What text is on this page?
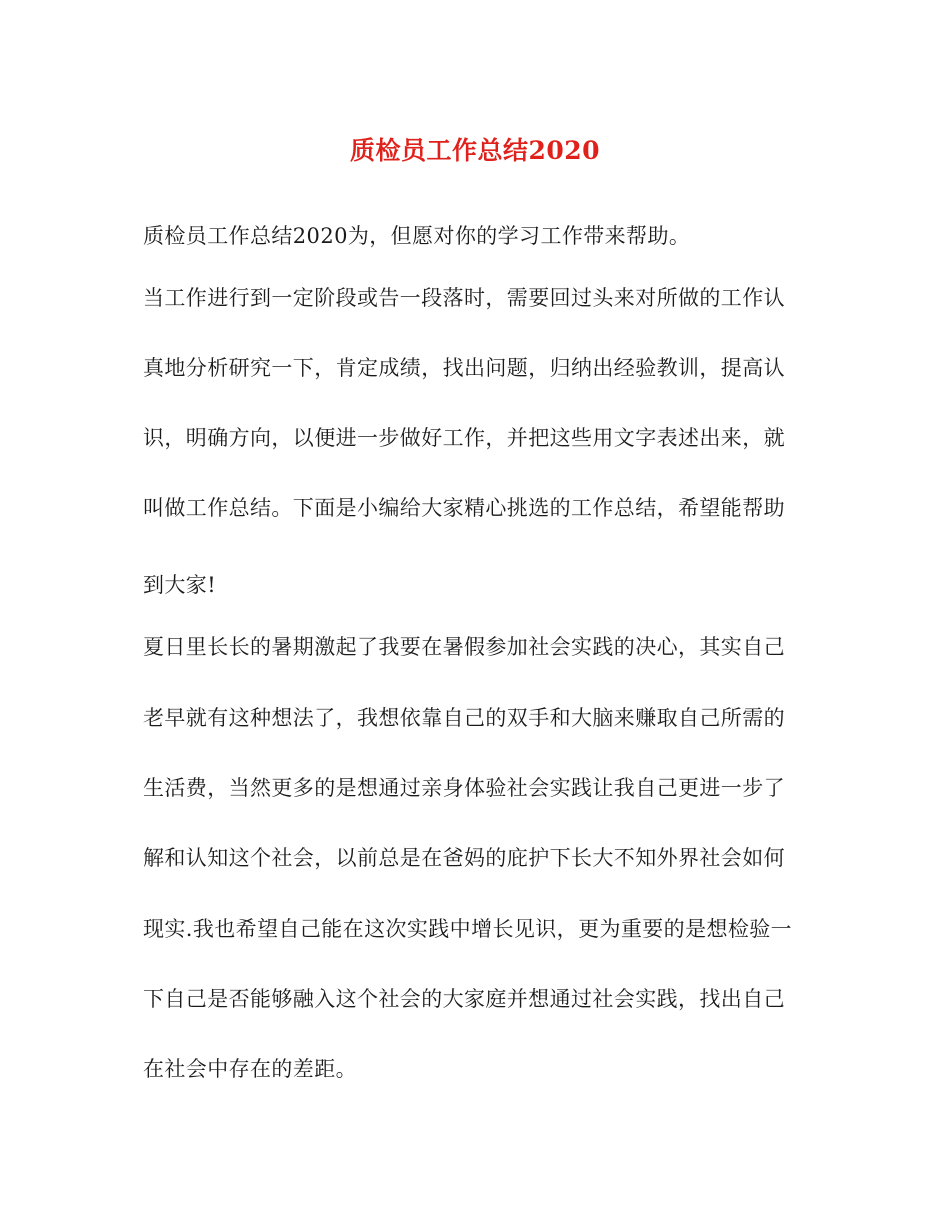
质检员工作总结2020
质检员工作总结2020为，但愿对你的学习工作带来帮助。
当工作进行到一定阶段或告一段落时，需要回过头来对所做的工作认
真地分析研究一下，肯定成绩，找出问题，归纳出经验教训，提高认
识，明确方向，以便进一步做好工作，并把这些用文字表述出来，就
叫做工作总结。下面是小编给大家精心挑选的工作总结，希望能帮助
到大家!
夏日里长长的暑期激起了我要在暑假参加社会实践的决心，其实自己
老早就有这种想法了，我想依靠自己的双手和大脑来赚取自己所需的
生活费，当然更多的是想通过亲身体验社会实践让我自己更进一步了
解和认知这个社会，以前总是在爸妈的庇护下长大不知外界社会如何
现实.我也希望自己能在这次实践中增长见识，更为重要的是想检验一
下自己是否能够融入这个社会的大家庭并想通过社会实践，找出自己
在社会中存在的差距。
